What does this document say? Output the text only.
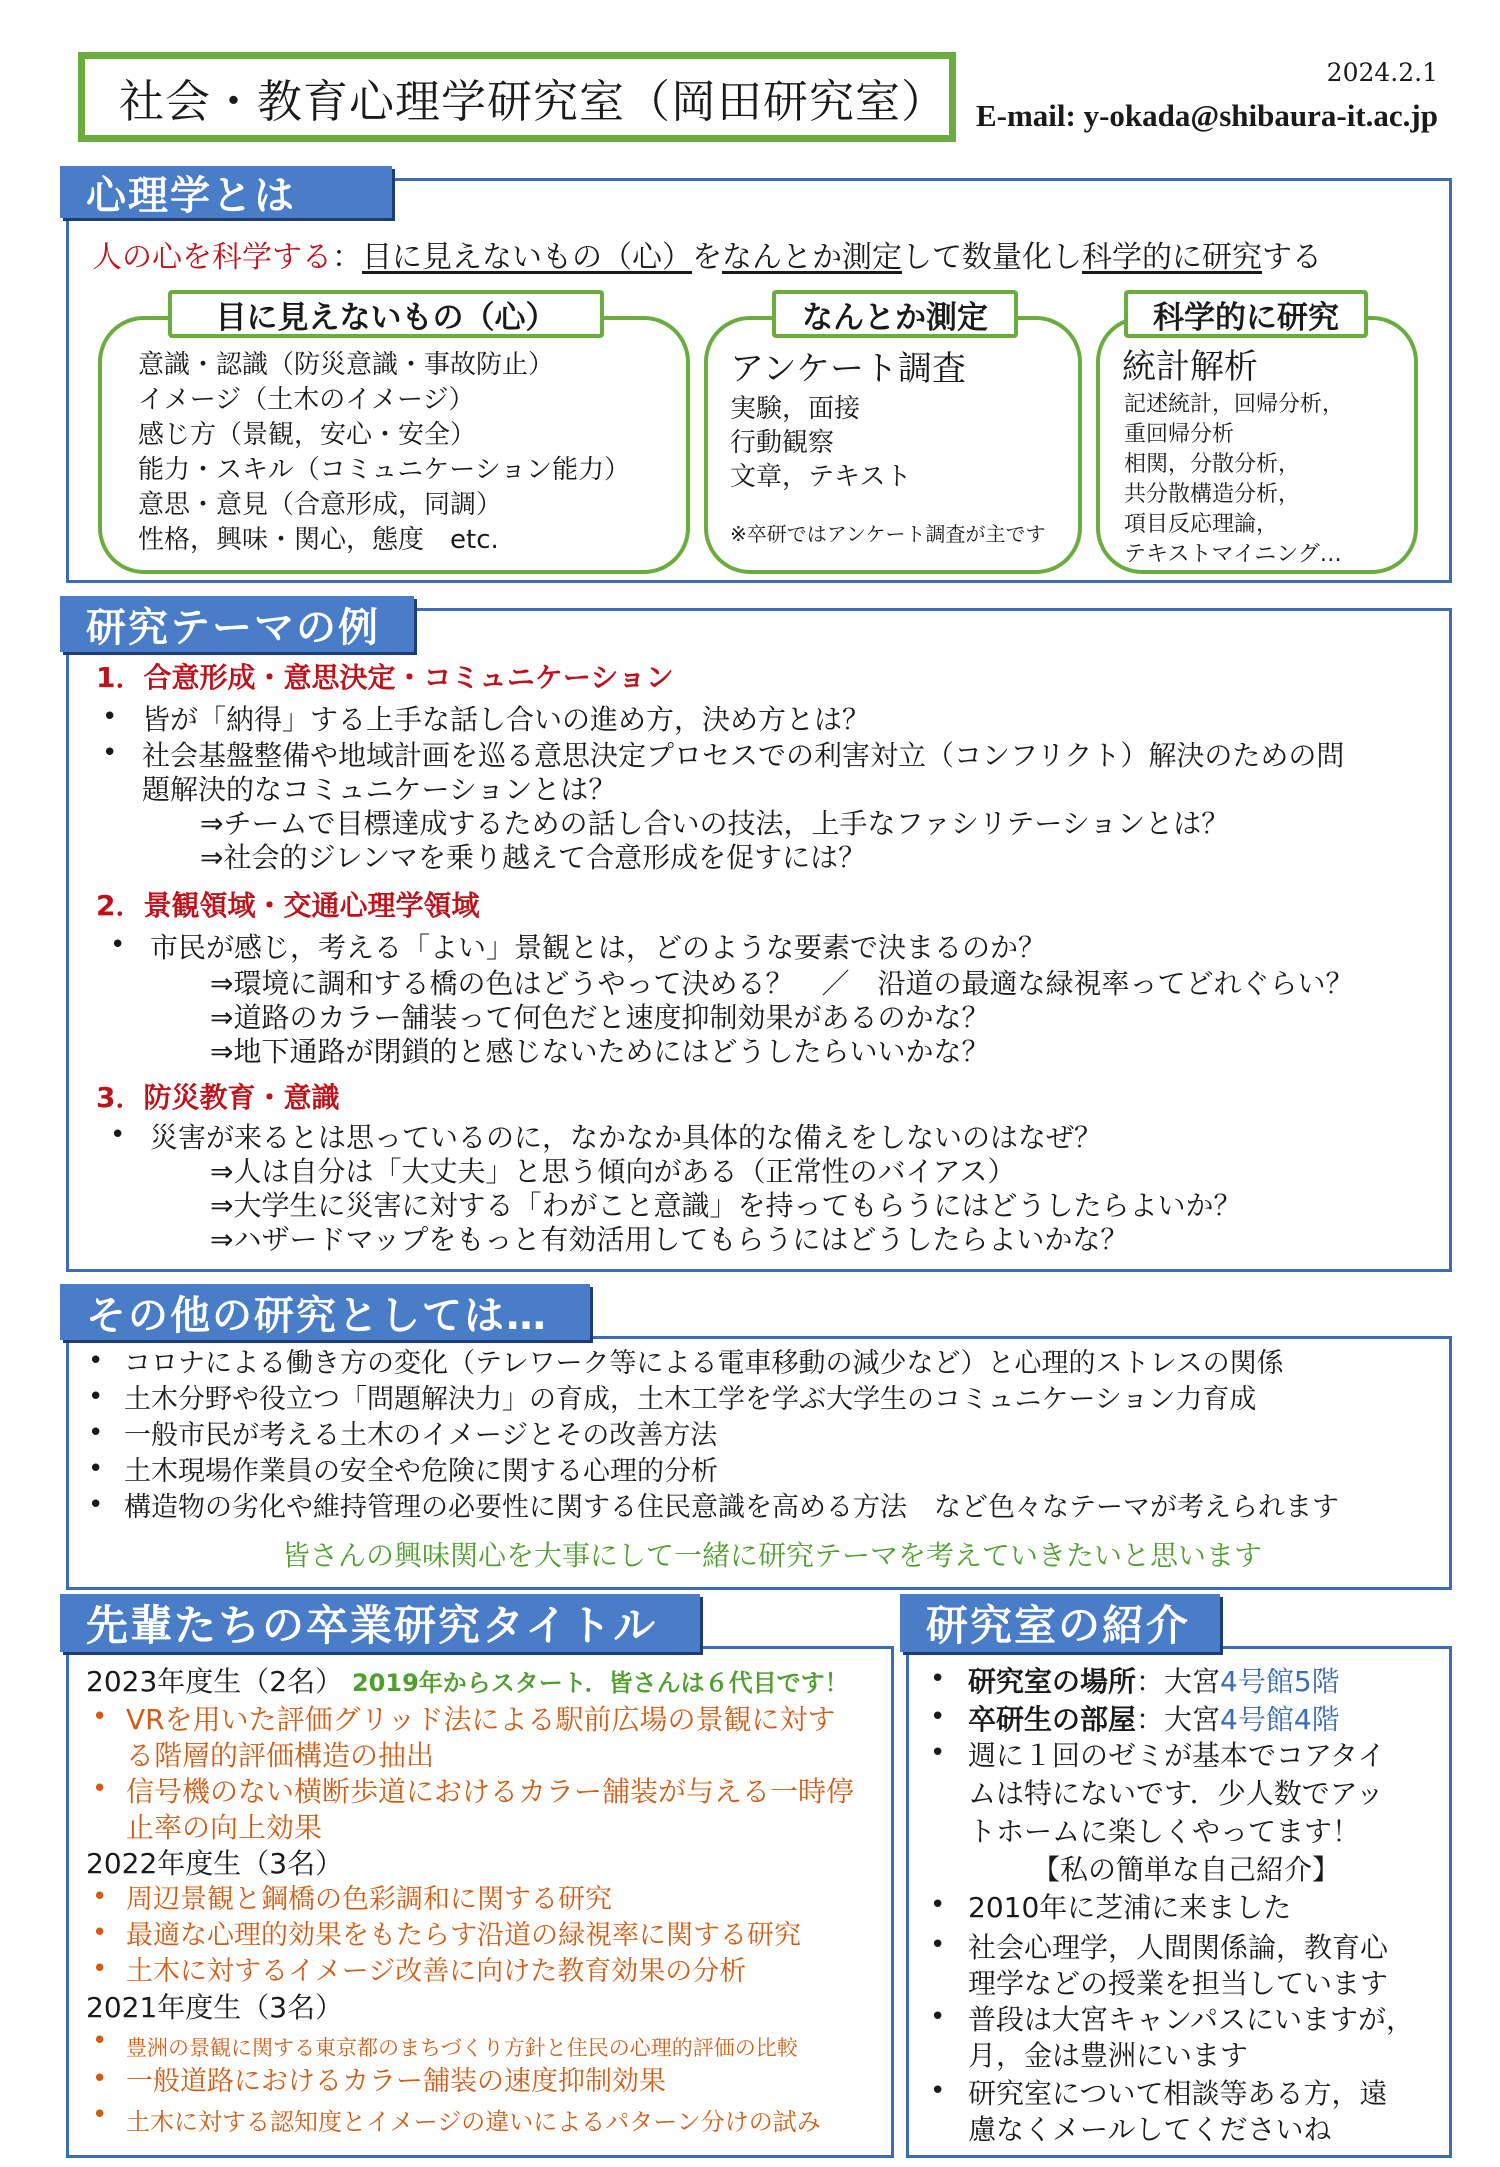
社会・教育心理学研究室（岡田研究室）
2024.2.1
E-mail: y-okada@shibaura-it.ac.jp
心理学とは
人の心を科学する：目に見えないもの（心）をなんとか測定して数量化し科学的に研究する
目に見えないもの（心）
意識・認識（防災意識・事故防止）
イメージ（土木のイメージ）
感じ方（景観，安心・安全）
能力・スキル（コミュニケーション能力）
意思・意見（合意形成，同調）
性格，興味・関心，態度　etc.
なんとか測定
アンケート調査
実験，面接
行動観察
文章，テキスト
※卒研ではアンケート調査が主です
科学的に研究
統計解析
記述統計，回帰分析，
重回帰分析
相関，分散分析，
共分散構造分析，
項目反応理論，
テキストマイニング…
研究テーマの例
1．合意形成・意思決定・コミュニケーション
• 皆が「納得」する上手な話し合いの進め方，決め方とは？
• 社会基盤整備や地域計画を巡る意思決定プロセスでの利害対立（コンフリクト）解決のための問
題解決的なコミュニケーションとは？
⇒チームで目標達成するための話し合いの技法，上手なファシリテーションとは？
⇒社会的ジレンマを乗り越えて合意形成を促すには？
2．景観領域・交通心理学領域
• 市民が感じ，考える「よい」景観とは，どのような要素で決まるのか？
⇒環境に調和する橋の色はどうやって決める？　／　沿道の最適な緑視率ってどれぐらい？
⇒道路のカラー舗装って何色だと速度抑制効果があるのかな？
⇒地下通路が閉鎖的と感じないためにはどうしたらいいかな？
3．防災教育・意識
• 災害が来るとは思っているのに，なかなか具体的な備えをしないのはなぜ？
⇒人は自分は「大丈夫」と思う傾向がある（正常性のバイアス）
⇒大学生に災害に対する「わがこと意識」を持ってもらうにはどうしたらよいか？
⇒ハザードマップをもっと有効活用してもらうにはどうしたらよいかな？
その他の研究としては…
• コロナによる働き方の変化（テレワーク等による電車移動の減少など）と心理的ストレスの関係
• 土木分野や役立つ「問題解決力」の育成，土木工学を学ぶ大学生のコミュニケーション力育成
• 一般市民が考える土木のイメージとその改善方法
• 土木現場作業員の安全や危険に関する心理的分析
• 構造物の劣化や維持管理の必要性に関する住民意識を高める方法　など色々なテーマが考えられます
皆さんの興味関心を大事にして一緒に研究テーマを考えていきたいと思います
先輩たちの卒業研究タイトル
2023年度生（2名） 2019年からスタート．皆さんは６代目です！
• VRを用いた評価グリッド法による駅前広場の景観に対す
る階層的評価構造の抽出
• 信号機のない横断歩道におけるカラー舗装が与える一時停
止率の向上効果
2022年度生（3名）
• 周辺景観と鋼橋の色彩調和に関する研究
• 最適な心理的効果をもたらす沿道の緑視率に関する研究
• 土木に対するイメージ改善に向けた教育効果の分析
2021年度生（3名）
• 豊洲の景観に関する東京都のまちづくり方針と住民の心理的評価の比較
• 一般道路におけるカラー舗装の速度抑制効果
• 土木に対する認知度とイメージの違いによるパターン分けの試み
研究室の紹介
• 研究室の場所：大宮4号館5階
• 卒研生の部屋：大宮4号館4階
• 週に１回のゼミが基本でコアタイ
ムは特にないです．少人数でアッ
トホームに楽しくやってます！
【私の簡単な自己紹介】
• 2010年に芝浦に来ました
• 社会心理学，人間関係論，教育心
理学などの授業を担当しています
• 普段は大宮キャンパスにいますが，
月，金は豊洲にいます
• 研究室について相談等ある方，遠
慮なくメールしてくださいね
